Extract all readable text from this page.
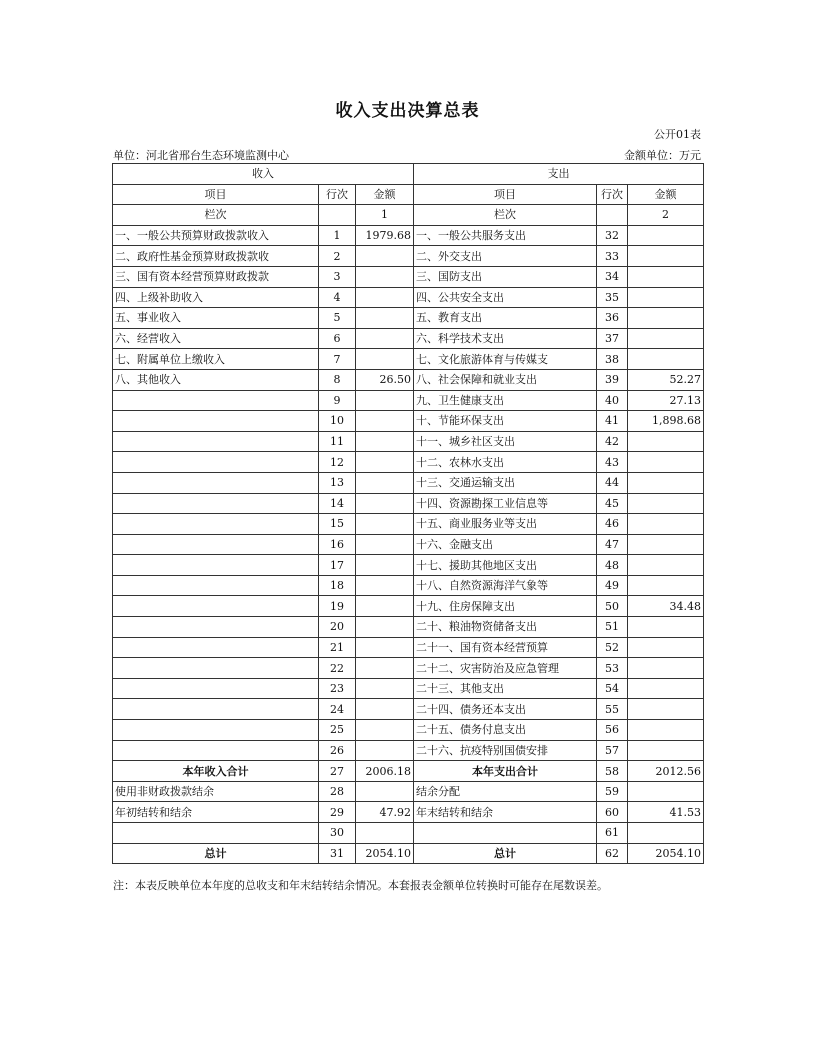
收入支出决算总表
公开01表
单位：河北省邢台生态环境监测中心	金额单位：万元
收入			支出		
项目	行次	金额	项目	行次	金额
栏次		1	栏次		2
一、一般公共预算财政拨款收入	1	1979.68	一、一般公共服务支出	32	
二、政府性基金预算财政拨款收	2		二、外交支出	33	
三、国有资本经营预算财政拨款	3		三、国防支出	34	
四、上级补助收入	4		四、公共安全支出	35	
五、事业收入	5		五、教育支出	36	
六、经营收入	6		六、科学技术支出	37	
七、附属单位上缴收入	7		七、文化旅游体育与传媒支	38	
八、其他收入	8	26.50	八、社会保障和就业支出	39	52.27
	9		九、卫生健康支出	40	27.13
	10		十、节能环保支出	41	1,898.68
	11		十一、城乡社区支出	42	
	12		十二、农林水支出	43	
	13		十三、交通运输支出	44	
	14		十四、资源勘探工业信息等	45	
	15		十五、商业服务业等支出	46	
	16		十六、金融支出	47	
	17		十七、援助其他地区支出	48	
	18		十八、自然资源海洋气象等	49	
	19		十九、住房保障支出	50	34.48
	20		二十、粮油物资储备支出	51	
	21		二十一、国有资本经营预算	52	
	22		二十二、灾害防治及应急管理	53	
	23		二十三、其他支出	54	
	24		二十四、债务还本支出	55	
	25		二十五、债务付息支出	56	
	26		二十六、抗疫特别国债安排	57	
本年收入合计	27	2006.18	本年支出合计	58	2012.56
使用非财政拨款结余	28		结余分配	59	
年初结转和结余	29	47.92	年末结转和结余	60	41.53
	30			61	
总计	31	2054.10	总计	62	2054.10
注：本表反映单位本年度的总收支和年末结转结余情况。本套报表金额单位转换时可能存在尾数误差。
